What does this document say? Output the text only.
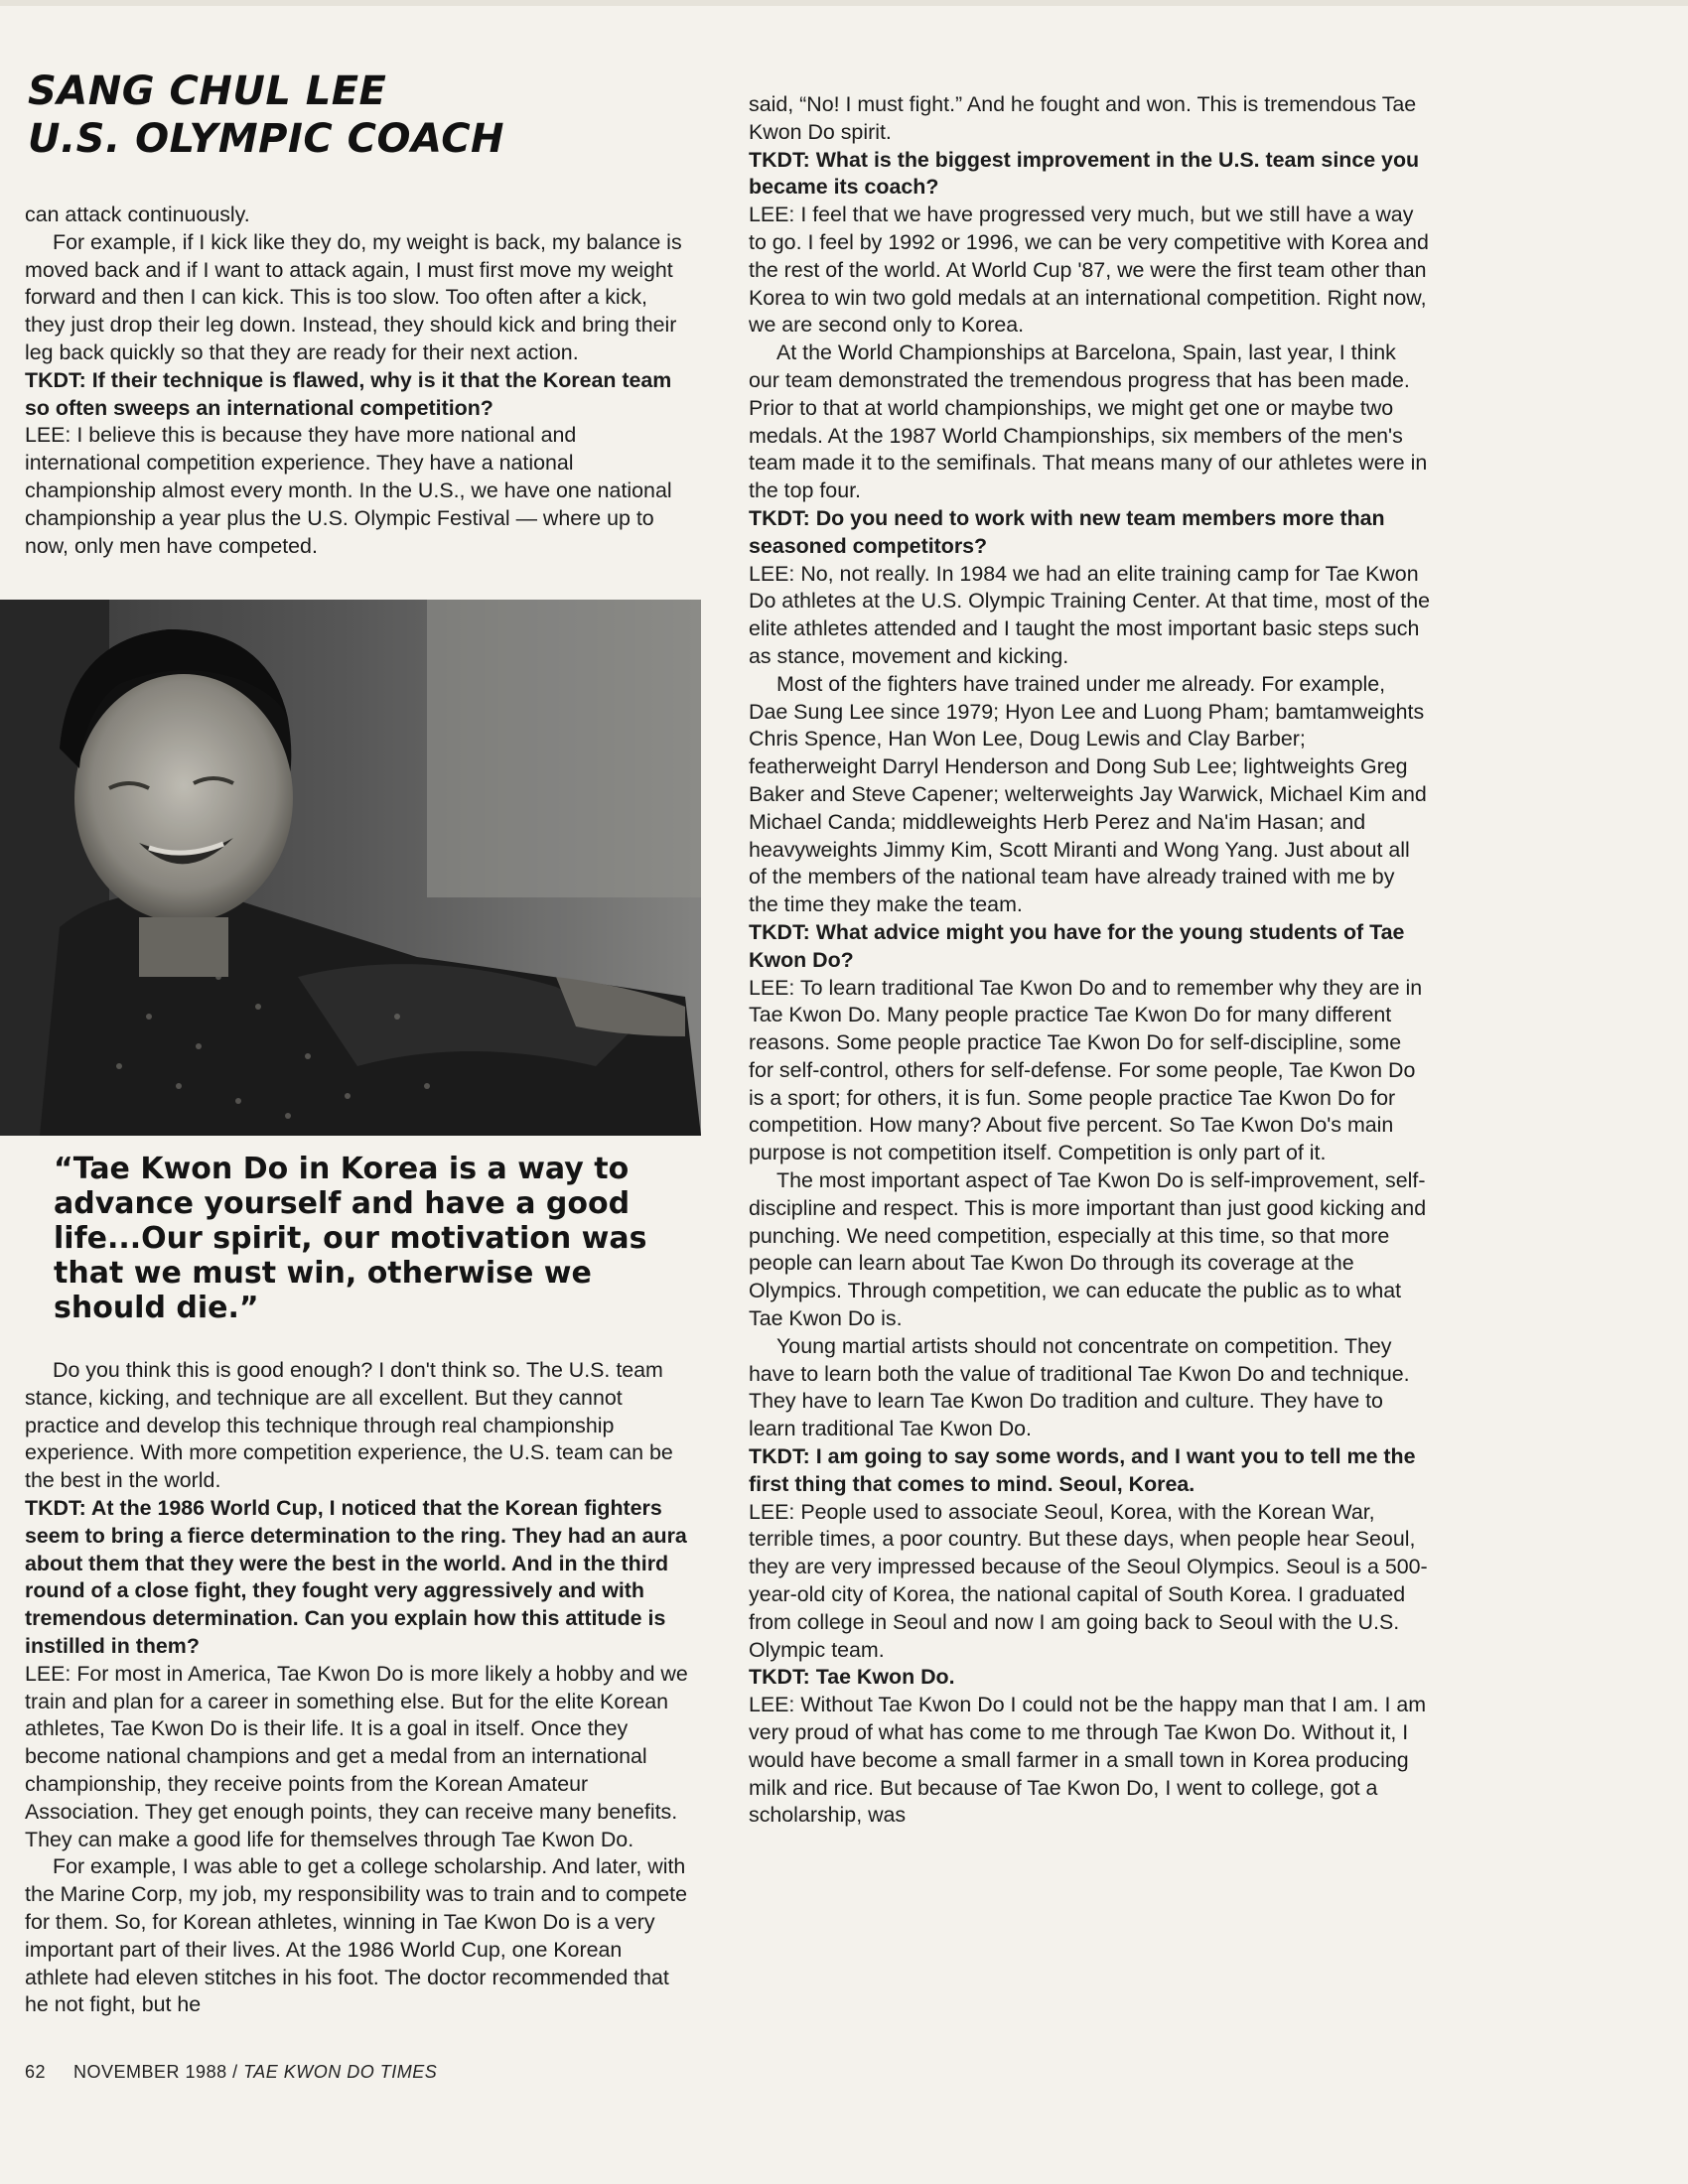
SANG CHUL LEE
U.S. OLYMPIC COACH

can attack continuously.

For example, if I kick like they do, my weight is back, my balance is moved back and if I want to attack again, I must first move my weight forward and then I can kick. This is too slow. Too often after a kick, they just drop their leg down. Instead, they should kick and bring their leg back quickly so that they are ready for their next action.

TKDT: If their technique is flawed, why is it that the Korean team so often sweeps an international competition?

LEE: I believe this is because they have more national and international competition experience. They have a national championship almost every month. In the U.S., we have one national championship a year plus the U.S. Olympic Festival — where up to now, only men have competed.

“Tae Kwon Do in Korea is a way to advance yourself and have a good life...Our spirit, our motivation was that we must win, otherwise we should die.”

Do you think this is good enough? I don't think so. The U.S. team stance, kicking, and technique are all excellent. But they cannot practice and develop this technique through real championship experience. With more competition experience, the U.S. team can be the best in the world.

TKDT: At the 1986 World Cup, I noticed that the Korean fighters seem to bring a fierce determination to the ring. They had an aura about them that they were the best in the world. And in the third round of a close fight, they fought very aggressively and with tremendous determination. Can you explain how this attitude is instilled in them?

LEE: For most in America, Tae Kwon Do is more likely a hobby and we train and plan for a career in something else. But for the elite Korean athletes, Tae Kwon Do is their life. It is a goal in itself. Once they become national champions and get a medal from an international championship, they receive points from the Korean Amateur Association. They get enough points, they can receive many benefits. They can make a good life for themselves through Tae Kwon Do.

For example, I was able to get a college scholarship. And later, with the Marine Corp, my job, my responsibility was to train and to compete for them. So, for Korean athletes, winning in Tae Kwon Do is a very important part of their lives. At the 1986 World Cup, one Korean athlete had eleven stitches in his foot. The doctor recommended that he not fight, but he

said, “No! I must fight.” And he fought and won. This is tremendous Tae Kwon Do spirit.

TKDT: What is the biggest improvement in the U.S. team since you became its coach?

LEE: I feel that we have progressed very much, but we still have a way to go. I feel by 1992 or 1996, we can be very competitive with Korea and the rest of the world. At World Cup '87, we were the first team other than Korea to win two gold medals at an international competition. Right now, we are second only to Korea.

At the World Championships at Barcelona, Spain, last year, I think our team demonstrated the tremendous progress that has been made. Prior to that at world championships, we might get one or maybe two medals. At the 1987 World Championships, six members of the men's team made it to the semifinals. That means many of our athletes were in the top four.

TKDT: Do you need to work with new team members more than seasoned competitors?

LEE: No, not really. In 1984 we had an elite training camp for Tae Kwon Do athletes at the U.S. Olympic Training Center. At that time, most of the elite athletes attended and I taught the most important basic steps such as stance, movement and kicking.

Most of the fighters have trained under me already. For example, Dae Sung Lee since 1979; Hyon Lee and Luong Pham; bamtamweights Chris Spence, Han Won Lee, Doug Lewis and Clay Barber; featherweight Darryl Henderson and Dong Sub Lee; lightweights Greg Baker and Steve Capener; welterweights Jay Warwick, Michael Kim and Michael Canda; middleweights Herb Perez and Na'im Hasan; and heavyweights Jimmy Kim, Scott Miranti and Wong Yang. Just about all of the members of the national team have already trained with me by the time they make the team.

TKDT: What advice might you have for the young students of Tae Kwon Do?

LEE: To learn traditional Tae Kwon Do and to remember why they are in Tae Kwon Do. Many people practice Tae Kwon Do for many different reasons. Some people practice Tae Kwon Do for self-discipline, some for self-control, others for self-defense. For some people, Tae Kwon Do is a sport; for others, it is fun. Some people practice Tae Kwon Do for competition. How many? About five percent. So Tae Kwon Do's main purpose is not competition itself. Competition is only part of it.

The most important aspect of Tae Kwon Do is self-improvement, self-discipline and respect. This is more important than just good kicking and punching. We need competition, especially at this time, so that more people can learn about Tae Kwon Do through its coverage at the Olympics. Through competition, we can educate the public as to what Tae Kwon Do is.

Young martial artists should not concentrate on competition. They have to learn both the value of traditional Tae Kwon Do and technique. They have to learn Tae Kwon Do tradition and culture. They have to learn traditional Tae Kwon Do.

TKDT: I am going to say some words, and I want you to tell me the first thing that comes to mind. Seoul, Korea.

LEE: People used to associate Seoul, Korea, with the Korean War, terrible times, a poor country. But these days, when people hear Seoul, they are very impressed because of the Seoul Olympics. Seoul is a 500-year-old city of Korea, the national capital of South Korea. I graduated from college in Seoul and now I am going back to Seoul with the U.S. Olympic team.

TKDT: Tae Kwon Do.

LEE: Without Tae Kwon Do I could not be the happy man that I am. I am very proud of what has come to me through Tae Kwon Do. Without it, I would have become a small farmer in a small town in Korea producing milk and rice. But because of Tae Kwon Do, I went to college, got a scholarship, was

62 NOVEMBER 1988 / TAE KWON DO TIMES
